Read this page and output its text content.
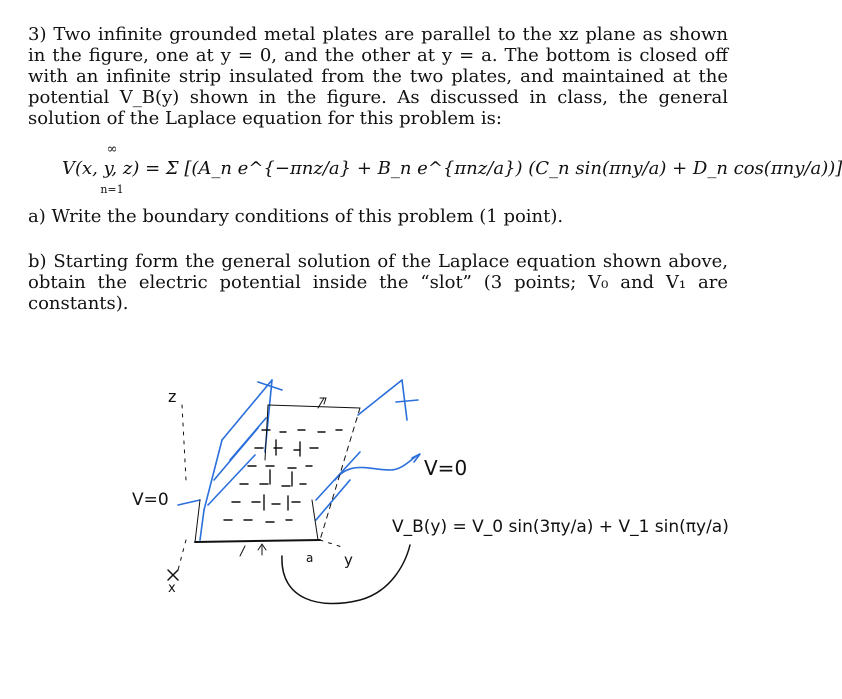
3) Two infinite grounded metal plates are parallel to the xz plane as shown in the figure, one at y = 0, and the other at y = a. The bottom is closed off with an infinite strip insulated from the two plates, and maintained at the potential V_B(y) shown in the figure. As discussed in class, the general solution of the Laplace equation for this problem is:
∞
n=1
V(x, y, z) = Σ [(A_n e^{−πnz/a} + B_n e^{πnz/a}) (C_n sin(πny/a) + D_n cos(πny/a))]
a) Write the boundary conditions of this problem (1 point).
b) Starting form the general solution of the Laplace equation shown above, obtain the electric potential inside the “slot” (3 points; V₀ and V₁ are constants).
z
V=0
V=0
a y
x
V_B(y) = V_0 sin(3πy/a) + V_1 sin(πy/a)
